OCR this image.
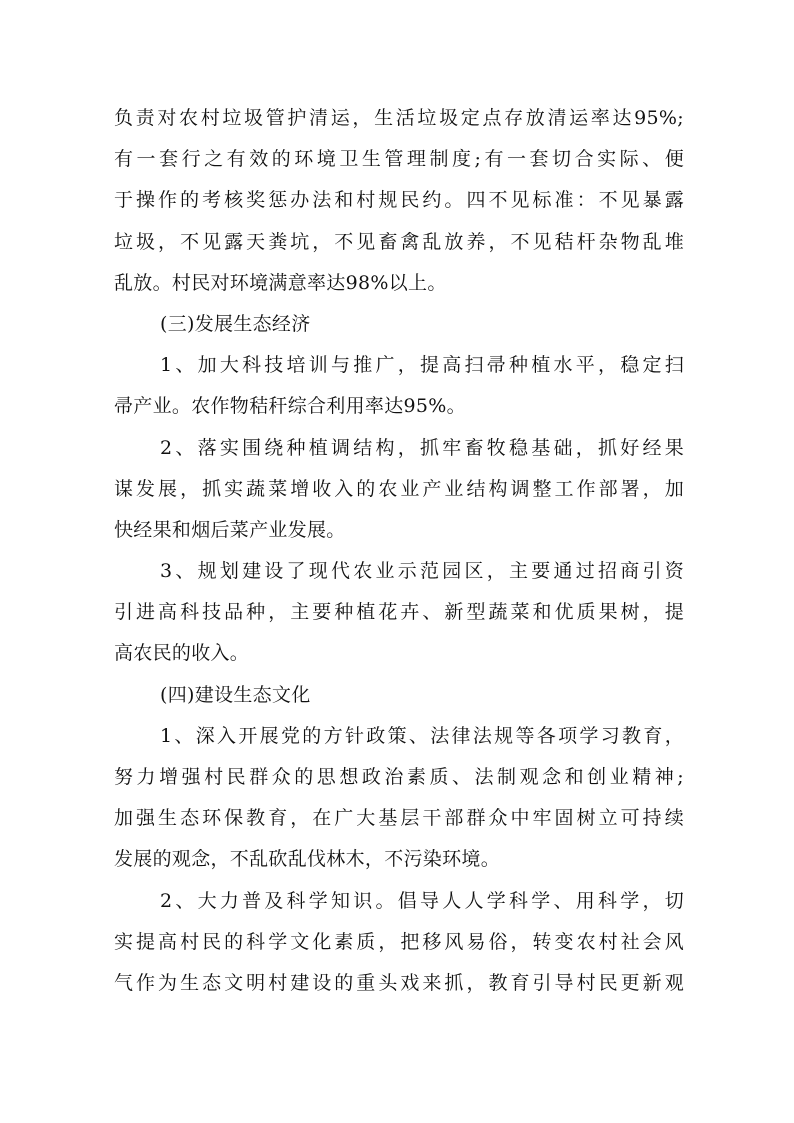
负责对农村垃圾管护清运，生活垃圾定点存放清运率达95%;
有一套行之有效的环境卫生管理制度;有一套切合实际、便
于操作的考核奖惩办法和村规民约。四不见标准：不见暴露
垃圾，不见露天粪坑，不见畜禽乱放养，不见秸杆杂物乱堆
乱放。村民对环境满意率达98%以上。
(三)发展生态经济
1、加大科技培训与推广，提高扫帚种植水平，稳定扫
帚产业。农作物秸秆综合利用率达95%。
2、落实围绕种植调结构，抓牢畜牧稳基础，抓好经果
谋发展，抓实蔬菜增收入的农业产业结构调整工作部署，加
快经果和烟后菜产业发展。
3、规划建设了现代农业示范园区，主要通过招商引资
引进高科技品种，主要种植花卉、新型蔬菜和优质果树，提
高农民的收入。
(四)建设生态文化
1、深入开展党的方针政策、法律法规等各项学习教育，
努力增强村民群众的思想政治素质、法制观念和创业精神;
加强生态环保教育，在广大基层干部群众中牢固树立可持续
发展的观念，不乱砍乱伐林木，不污染环境。
2、大力普及科学知识。倡导人人学科学、用科学，切
实提高村民的科学文化素质，把移风易俗，转变农村社会风
气作为生态文明村建设的重头戏来抓，教育引导村民更新观
